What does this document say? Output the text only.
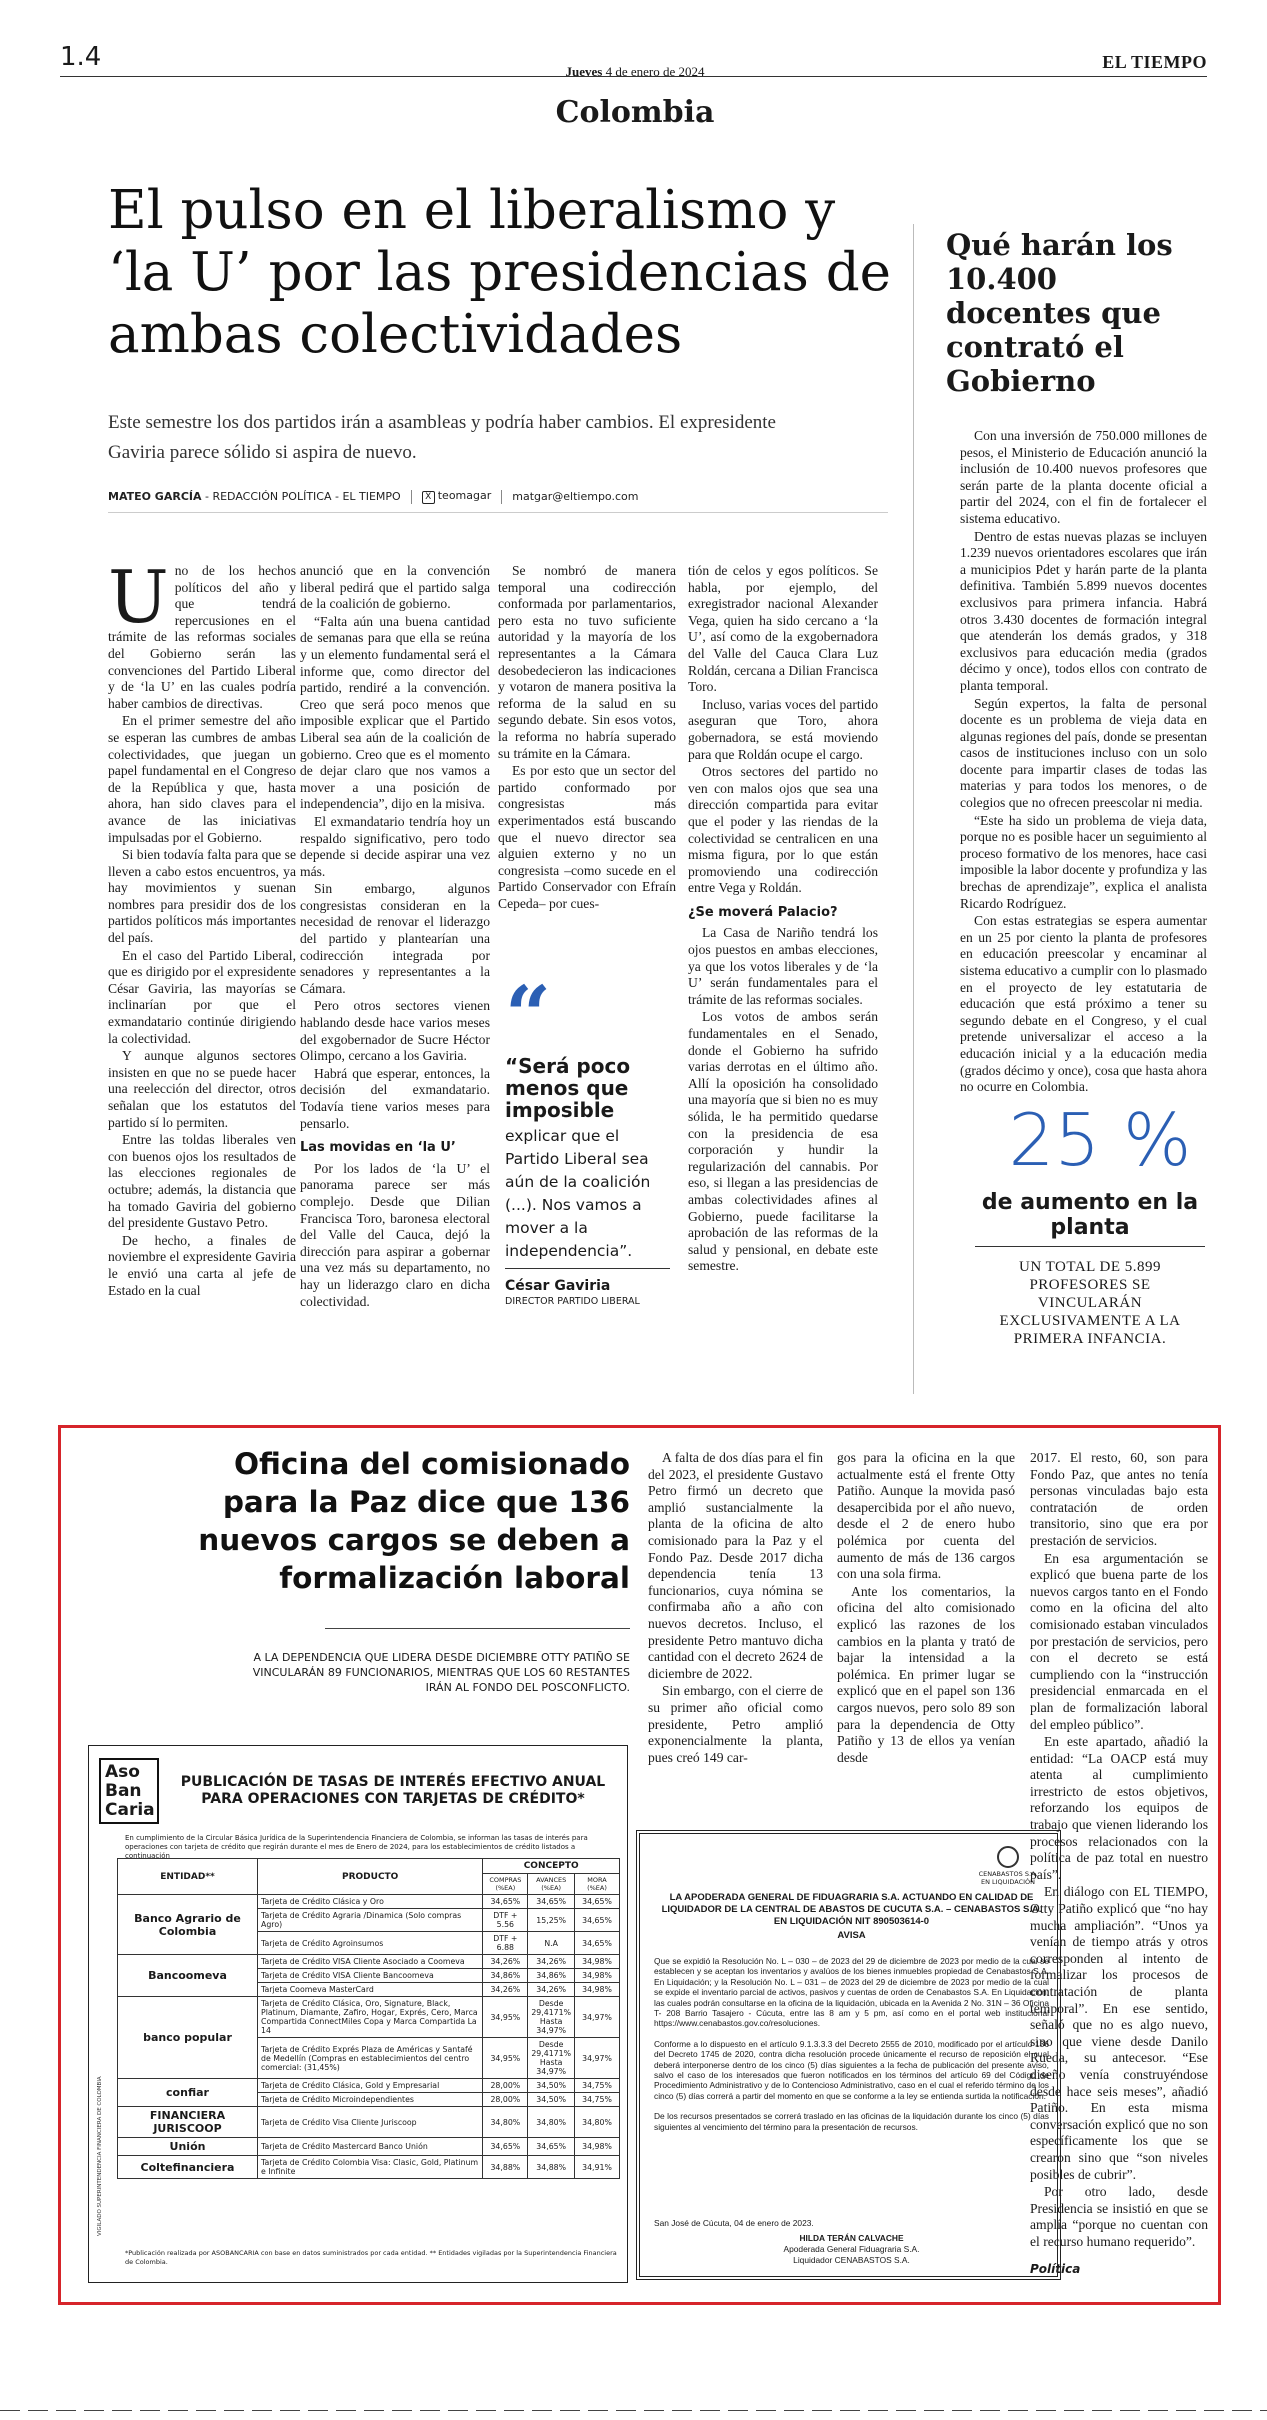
1.4	Jueves 4 de enero de 2024
Colombia
EL TIEMPO
El pulso en el liberalismo y ‘la U’ por las presidencias de ambas colectividades
Este semestre los dos partidos irán a asambleas y podría haber cambios. El expresidente Gaviria parece sólido si aspira de nuevo.
MATEO GARCÍA - REDACCIÓN POLÍTICA - EL TIEMPO	X teomagar matgar@eltiempo.com

Uno de los hechos políticos del año y que tendrá repercusiones en el trámite de las reformas sociales del Gobierno serán las convenciones del Partido Liberal y de ‘la U’ en las cuales podría haber cambios de directivas.

En el primer semestre del año se esperan las cumbres de ambas colectividades, que juegan un papel fundamental en el Congreso de la República y que, hasta ahora, han sido claves para el avance de las iniciativas impulsadas por el Gobierno.

Si bien todavía falta para que se lleven a cabo estos encuentros, ya hay movimientos y suenan nombres para presidir dos de los partidos políticos más importantes del país.

En el caso del Partido Liberal, que es dirigido por el expresidente César Gaviria, las mayorías se inclinarían por que el exmandatario continúe dirigiendo la colectividad.

Y aunque algunos sectores insisten en que no se puede hacer una reelección del director, otros señalan que los estatutos del partido sí lo permiten.

Entre las toldas liberales ven con buenos ojos los resultados de las elecciones regionales de octubre; además, la distancia que ha tomado Gaviria del gobierno del presidente Gustavo Petro.

De hecho, a finales de noviembre el expresidente Gaviria le envió una carta al jefe de Estado en la cual

anunció que en la convención liberal pedirá que el partido salga de la coalición de gobierno.

“Falta aún una buena cantidad de semanas para que ella se reúna y un elemento fundamental será el informe que, como director del partido, rendiré a la convención. Creo que será poco menos que imposible explicar que el Partido Liberal sea aún de la coalición de gobierno. Creo que es el momento de dejar claro que nos vamos a mover a una posición de independencia”, dijo en la misiva.

El exmandatario tendría hoy un respaldo significativo, pero todo depende si decide aspirar una vez más.

Sin embargo, algunos congresistas consideran en la necesidad de renovar el liderazgo del partido y plantearían una codirección integrada por senadores y representantes a la Cámara.

Pero otros sectores vienen hablando desde hace varios meses del exgobernador de Sucre Héctor Olimpo, cercano a los Gaviria.

Habrá que esperar, entonces, la decisión del exmandatario. Todavía tiene varios meses para pensarlo.

Las movidas en ‘la U’

Por los lados de ‘la U’ el panorama parece ser más complejo. Desde que Dilian Francisca Toro, baronesa electoral del Valle del Cauca, dejó la dirección para aspirar a gobernar una vez más su departamento, no hay un liderazgo claro en dicha colectividad.

Se nombró de manera temporal una codirección conformada por parlamentarios, pero esta no tuvo suficiente autoridad y la mayoría de los representantes a la Cámara desobedecieron las indicaciones y votaron de manera positiva la reforma de la salud en su segundo debate. Sin esos votos, la reforma no habría superado su trámite en la Cámara.

Es por esto que un sector del partido conformado por congresistas más experimentados está buscando que el nuevo director sea alguien externo y no un congresista –como sucede en el Partido Conservador con Efraín Cepeda– por cues-

“
“Será poco menos que imposible
explicar que el Partido Liberal sea aún de la coalición (...). Nos vamos a mover a la independencia”.
César Gaviria
DIRECTOR PARTIDO LIBERAL

tión de celos y egos políticos. Se habla, por ejemplo, del exregistrador nacional Alexander Vega, quien ha sido cercano a ‘la U’, así como de la exgobernadora del Valle del Cauca Clara Luz Roldán, cercana a Dilian Francisca Toro.

Incluso, varias voces del partido aseguran que Toro, ahora gobernadora, se está moviendo para que Roldán ocupe el cargo.

Otros sectores del partido no ven con malos ojos que sea una dirección compartida para evitar que el poder y las riendas de la colectividad se centralicen en una misma figura, por lo que están promoviendo una codirección entre Vega y Roldán.

¿Se moverá Palacio?

La Casa de Nariño tendrá los ojos puestos en ambas elecciones, ya que los votos liberales y de ‘la U’ serán fundamentales para el trámite de las reformas sociales.

Los votos de ambos serán fundamentales en el Senado, donde el Gobierno ha sufrido varias derrotas en el último año. Allí la oposición ha consolidado una mayoría que si bien no es muy sólida, le ha permitido quedarse con la presidencia de esa corporación y hundir la regularización del cannabis. Por eso, si llegan a las presidencias de ambas colectividades afines al Gobierno, puede facilitarse la aprobación de las reformas de la salud y pensional, en debate este semestre.

Qué harán los 10.400 docentes que contrató el Gobierno

Con una inversión de 750.000 millones de pesos, el Ministerio de Educación anunció la inclusión de 10.400 nuevos profesores que serán parte de la planta docente oficial a partir del 2024, con el fin de fortalecer el sistema educativo.

Dentro de estas nuevas plazas se incluyen 1.239 nuevos orientadores escolares que irán a municipios Pdet y harán parte de la planta definitiva. También 5.899 nuevos docentes exclusivos para primera infancia. Habrá otros 3.430 docentes de formación integral que atenderán los demás grados, y 318 exclusivos para educación media (grados décimo y once), todos ellos con contrato de planta temporal.

Según expertos, la falta de personal docente es un problema de vieja data en algunas regiones del país, donde se presentan casos de instituciones incluso con un solo docente para impartir clases de todas las materias y para todos los menores, o de colegios que no ofrecen preescolar ni media.

“Este ha sido un problema de vieja data, porque no es posible hacer un seguimiento al proceso formativo de los menores, hace casi imposible la labor docente y profundiza y las brechas de aprendizaje”, explica el analista Ricardo Rodríguez.

Con estas estrategias se espera aumentar en un 25 por ciento la planta de profesores en educación preescolar y encaminar al sistema educativo a cumplir con lo plasmado en el proyecto de ley estatutaria de educación que está próximo a tener su segundo debate en el Congreso, y el cual pretende universalizar el acceso a la educación inicial y a la educación media (grados décimo y once), cosa que hasta ahora no ocurre en Colombia.

25 %
de aumento en la planta
UN TOTAL DE 5.899 PROFESORES SE VINCULARÁN EXCLUSIVAMENTE A LA PRIMERA INFANCIA.
Oficina del comisionado para la Paz dice que 136 nuevos cargos se deben a formalización laboral
A LA DEPENDENCIA QUE LIDERA DESDE DICIEMBRE OTTY PATIÑO SE VINCULARÁN 89 FUNCIONARIOS, MIENTRAS QUE LOS 60 RESTANTES IRÁN AL FONDO DEL POSCONFLICTO.

A falta de dos días para el fin del 2023, el presidente Gustavo Petro firmó un decreto que amplió sustancialmente la planta de la oficina de alto comisionado para la Paz y el Fondo Paz. Desde 2017 dicha dependencia tenía 13 funcionarios, cuya nómina se confirmaba año a año con nuevos decretos. Incluso, el presidente Petro mantuvo dicha cantidad con el decreto 2624 de diciembre de 2022.

Sin embargo, con el cierre de su primer año oficial como presidente, Petro amplió exponencialmente la planta, pues creó 149 car-

gos para la oficina en la que actualmente está el frente Otty Patiño. Aunque la movida pasó desapercibida por el año nuevo, desde el 2 de enero hubo polémica por cuenta del aumento de más de 136 cargos con una sola firma.

Ante los comentarios, la oficina del alto comisionado explicó las razones de los cambios en la planta y trató de bajar la intensidad a la polémica. En primer lugar se explicó que en el papel son 136 cargos nuevos, pero solo 89 son para la dependencia de Otty Patiño y 13 de ellos ya venían desde

2017. El resto, 60, son para Fondo Paz, que antes no tenía personas vinculadas bajo esta contratación de orden transitorio, sino que era por prestación de servicios.

En esa argumentación se explicó que buena parte de los nuevos cargos tanto en el Fondo como en la oficina del alto comisionado estaban vinculados por prestación de servicios, pero con el decreto se está cumpliendo con la “instrucción presidencial enmarcada en el plan de formalización laboral del empleo público”.

En este apartado, añadió la entidad: “La OACP está muy atenta al cumplimiento irrestricto de estos objetivos, reforzando los equipos de trabajo que vienen liderando los procesos relacionados con la política de paz total en nuestro país”.

En diálogo con EL TIEMPO, Otty Patiño explicó que “no hay mucha ampliación”. “Unos ya venían de tiempo atrás y otros corresponden al intento de formalizar los procesos de contratación de planta temporal”. En ese sentido, señaló que no es algo nuevo, sino que viene desde Danilo Rueda, su antecesor. “Ese diseño venía construyéndose desde hace seis meses”, añadió Patiño. En esta misma conversación explicó que no son específicamente los que se crearon sino que “son niveles posibles de cubrir”.

Por otro lado, desde Presidencia se insistió en que se amplía “porque no cuentan con el recurso humano requerido”.

Política
Aso
Ban
Caria
PUBLICACIÓN DE TASAS DE INTERÉS EFECTIVO ANUAL PARA OPERACIONES CON TARJETAS DE CRÉDITO*
En cumplimiento de la Circular Básica Jurídica de la Superintendencia Financiera de Colombia, se informan las tasas de interés para operaciones con tarjeta de crédito que regirán durante el mes de Enero de 2024, para los establecimientos de crédito listados a continuación
VIGILADO SUPERINTENDENCIA FINANCIERA DE COLOMBIA
ENTIDAD**	PRODUCTO	CONCEPTO		
		COMPRAS (%EA)	AVANCES (%EA)	MORA (%EA)
Banco Agrario de Colombia	Tarjeta de Crédito Clásica y Oro	34,65%	34,65%	34,65%
	Tarjeta de Crédito Agraria /Dinamica (Solo compras Agro)	DTF + 5.56	15,25%	34,65%
	Tarjeta de Crédito Agroinsumos	DTF + 6.88	N.A	34,65%
Bancoomeva	Tarjeta de Crédito VISA Cliente Asociado a Coomeva	34,26%	34,26%	34,98%
	Tarjeta de Crédito VISA Cliente Bancoomeva	34,86%	34,86%	34,98%
	Tarjeta Coomeva MasterCard	34,26%	34,26%	34,98%
banco popular	Tarjeta de Crédito Clásica, Oro, Signature, Black, Platinum, Diamante, Zafiro, Hogar, Exprés, Cero, Marca Compartida ConnectMiles Copa y Marca Compartida La 14	34,95%	Desde 29,4171% Hasta 34,97%	34,97%
	Tarjeta de Crédito Exprés Plaza de Américas y Santafé de Medellín (Compras en establecimientos del centro comercial: (31,45%)	34,95%	Desde 29,4171% Hasta 34,97%	34,97%
confiar	Tarjeta de Crédito Clásica, Gold y Empresarial	28,00%	34,50%	34,75%
	Tarjeta de Crédito Microindependientes	28,00%	34,50%	34,75%
FINANCIERA JURISCOOP	Tarjeta de Crédito Visa Cliente Juriscoop	34,80%	34,80%	34,80%
Unión	Tarjeta de Crédito Mastercard Banco Unión	34,65%	34,65%	34,98%
Coltefinanciera	Tarjeta de Crédito Colombia Visa: Clasic, Gold, Platinum e Infinite	34,88%	34,88%	34,91%
*Publicación realizada por ASOBANCARIA con base en datos suministrados por cada entidad. ** Entidades vigiladas por la Superintendencia Financiera de Colombia.
CENABASTOS S.A.
EN LIQUIDACIÓN
LA APODERADA GENERAL DE FIDUAGRARIA S.A. ACTUANDO EN CALIDAD DE LIQUIDADOR DE LA CENTRAL DE ABASTOS DE CUCUTA S.A. – CENABASTOS S.A. EN LIQUIDACIÓN NIT 890503614-0
AVISA

Que se expidió la Resolución No. L – 030 – de 2023 del 29 de diciembre de 2023 por medio de la cual se establecen y se aceptan los inventarios y avalúos de los bienes inmuebles propiedad de Cenabastos S.A. En Liquidación; y la Resolución No. L – 031 – de 2023 del 29 de diciembre de 2023 por medio de la cual se expide el inventario parcial de activos, pasivos y cuentas de orden de Cenabastos S.A. En Liquidación; las cuales podrán consultarse en la oficina de la liquidación, ubicada en la Avenida 2 No. 31N – 36 Oficina T- 208 Barrio Tasajero - Cúcuta, entre las 8 am y 5 pm, así como en el portal web institucional https://www.cenabastos.gov.co/resoluciones.

Conforme a lo dispuesto en el artículo 9.1.3.3.3 del Decreto 2555 de 2010, modificado por el artículo 136 del Decreto 1745 de 2020, contra dicha resolución procede únicamente el recurso de reposición el cual deberá interponerse dentro de los cinco (5) días siguientes a la fecha de publicación del presente aviso, salvo el caso de los interesados que fueron notificados en los términos del artículo 69 del Código de Procedimiento Administrativo y de lo Contencioso Administrativo, caso en el cual el referido término de los cinco (5) días correrá a partir del momento en que se conforme a la ley se entienda surtida la notificación.

De los recursos presentados se correrá traslado en las oficinas de la liquidación durante los cinco (5) días siguientes al vencimiento del término para la presentación de recursos.

San José de Cúcuta, 04 de enero de 2023.
HILDA TERÁN CALVACHE
Apoderada General Fiduagraria S.A.
Liquidador CENABASTOS S.A.
